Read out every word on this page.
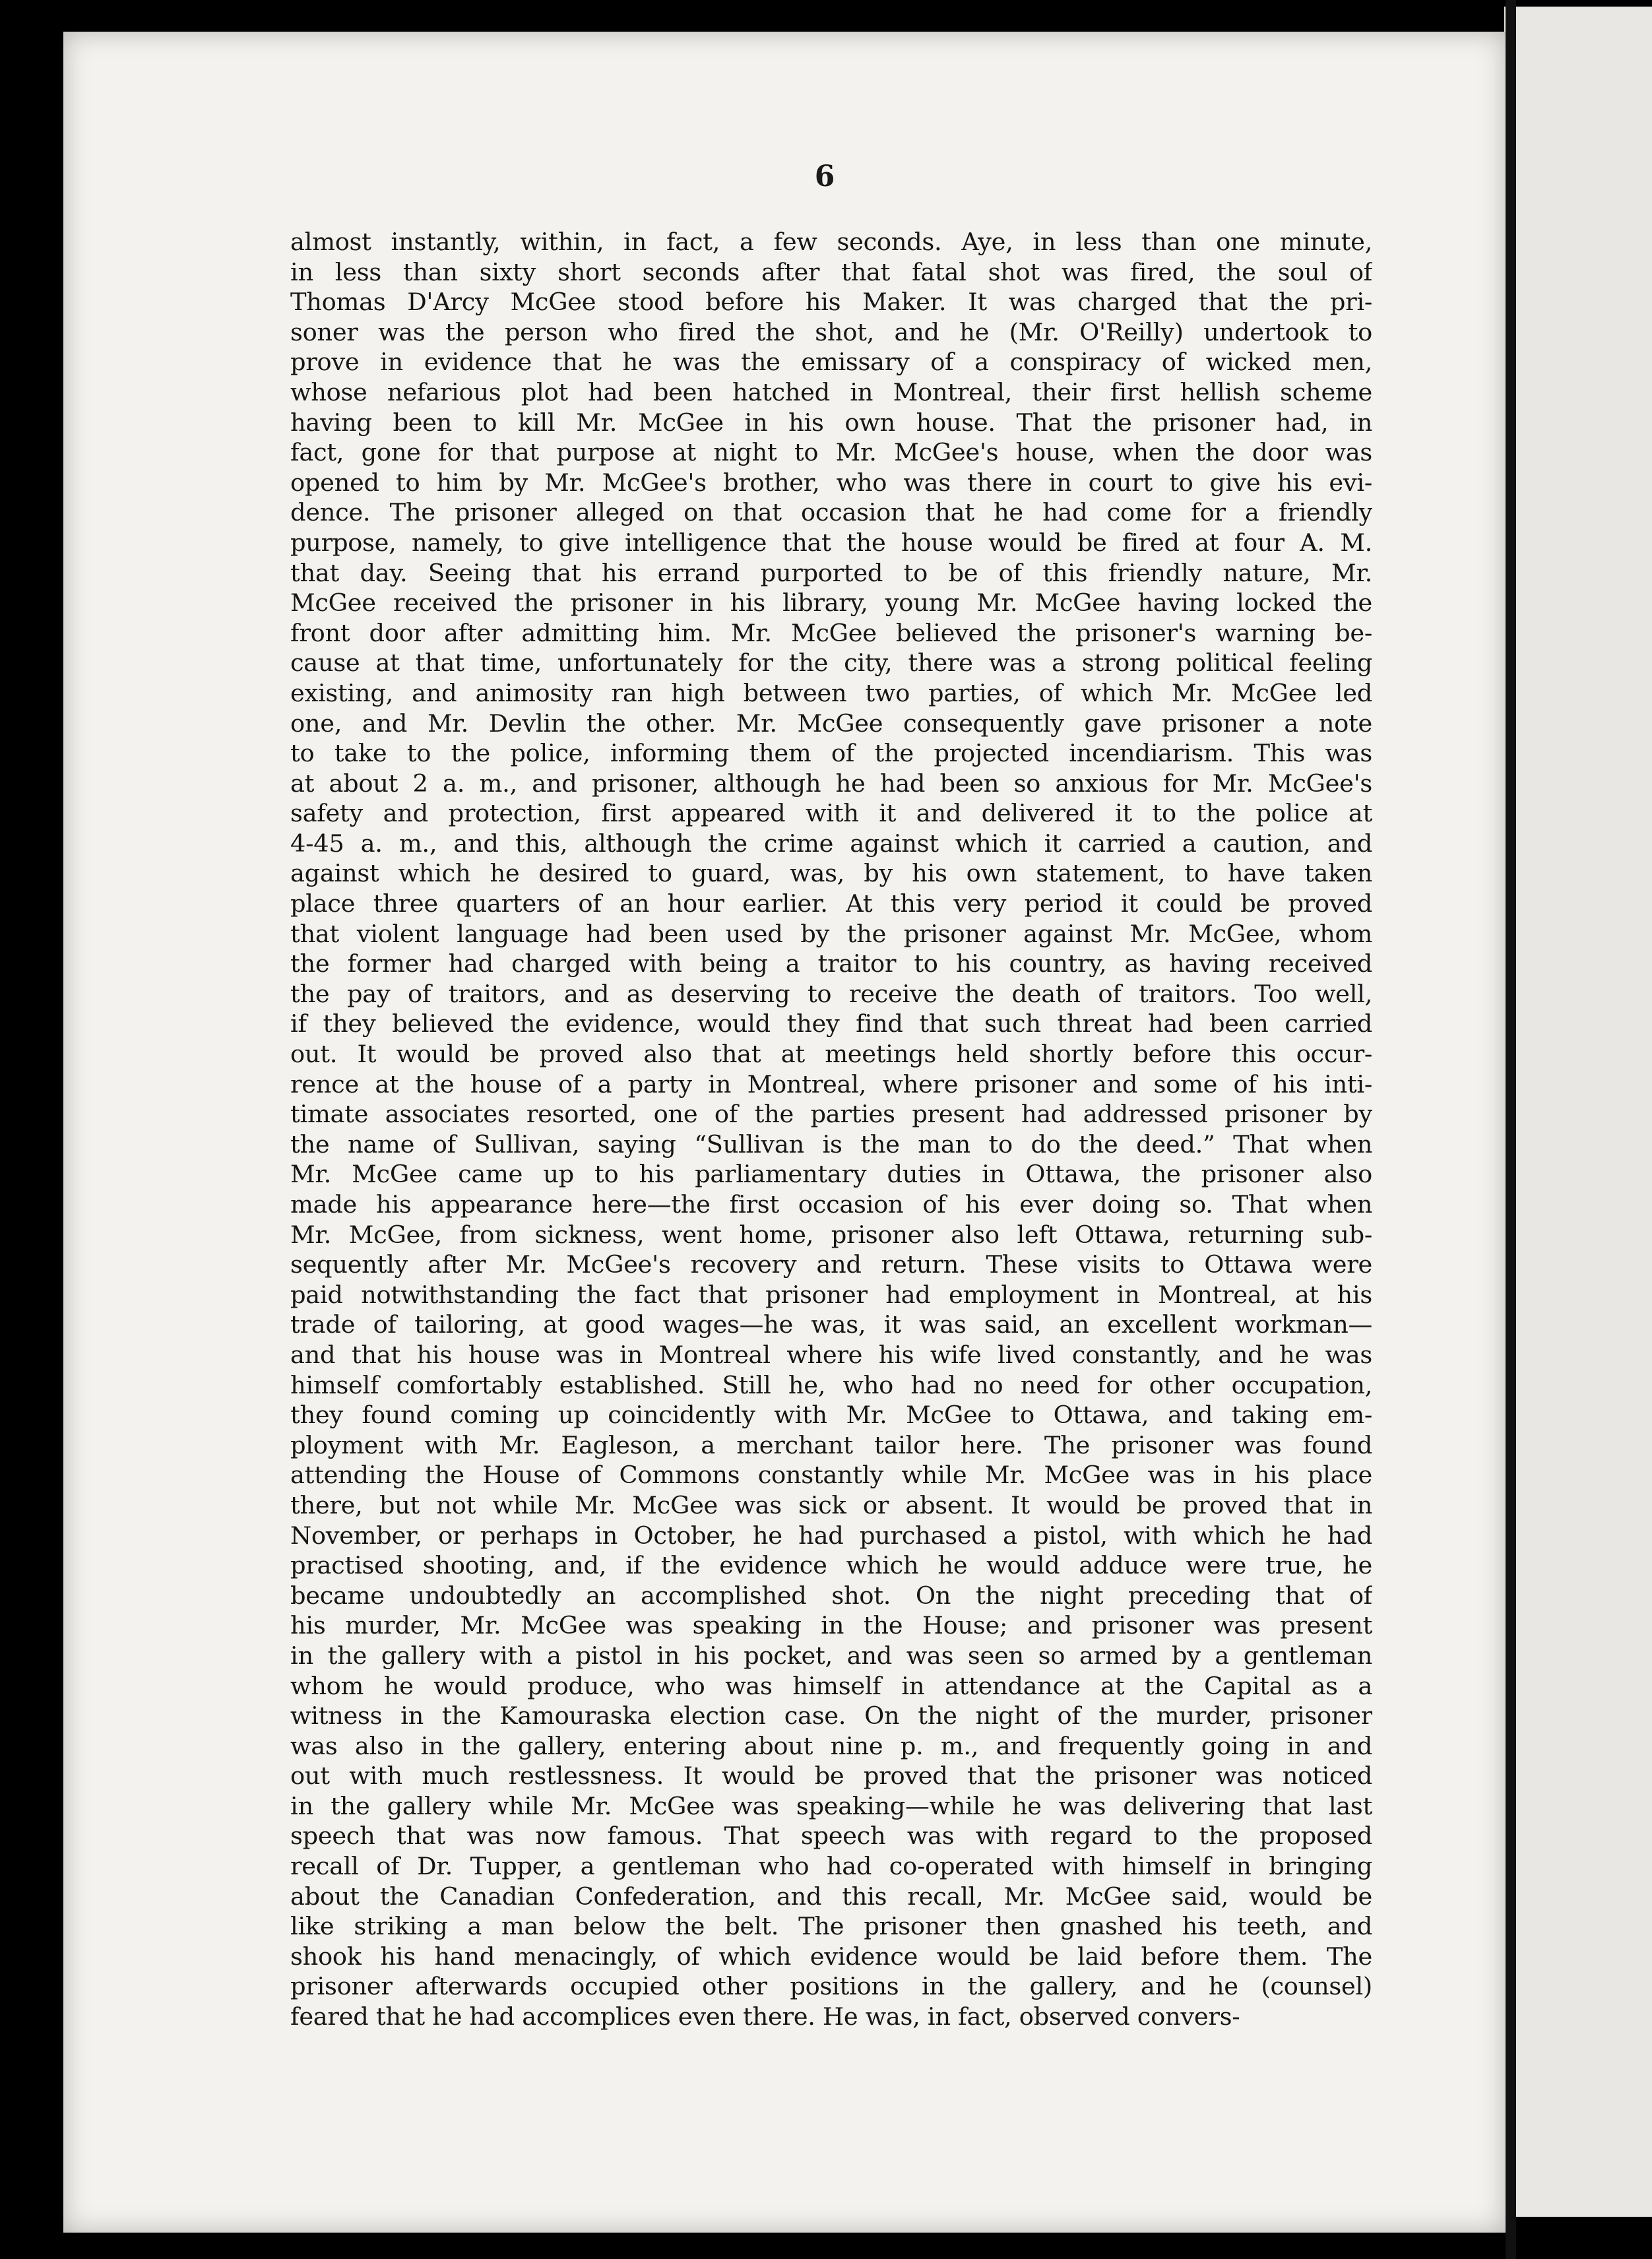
6
almost instantly, within, in fact, a few seconds. Aye, in less than one minute,
in less than sixty short seconds after that fatal shot was fired, the soul of
Thomas D'Arcy McGee stood before his Maker. It was charged that the pri-
soner was the person who fired the shot, and he (Mr. O'Reilly) undertook to
prove in evidence that he was the emissary of a conspiracy of wicked men,
whose nefarious plot had been hatched in Montreal, their first hellish scheme
having been to kill Mr. McGee in his own house. That the prisoner had, in
fact, gone for that purpose at night to Mr. McGee's house, when the door was
opened to him by Mr. McGee's brother, who was there in court to give his evi-
dence. The prisoner alleged on that occasion that he had come for a friendly
purpose, namely, to give intelligence that the house would be fired at four A. M.
that day. Seeing that his errand purported to be of this friendly nature, Mr.
McGee received the prisoner in his library, young Mr. McGee having locked the
front door after admitting him. Mr. McGee believed the prisoner's warning be-
cause at that time, unfortunately for the city, there was a strong political feeling
existing, and animosity ran high between two parties, of which Mr. McGee led
one, and Mr. Devlin the other. Mr. McGee consequently gave prisoner a note
to take to the police, informing them of the projected incendiarism. This was
at about 2 a. m., and prisoner, although he had been so anxious for Mr. McGee's
safety and protection, first appeared with it and delivered it to the police at
4-45 a. m., and this, although the crime against which it carried a caution, and
against which he desired to guard, was, by his own statement, to have taken
place three quarters of an hour earlier. At this very period it could be proved
that violent language had been used by the prisoner against Mr. McGee, whom
the former had charged with being a traitor to his country, as having received
the pay of traitors, and as deserving to receive the death of traitors. Too well,
if they believed the evidence, would they find that such threat had been carried
out. It would be proved also that at meetings held shortly before this occur-
rence at the house of a party in Montreal, where prisoner and some of his inti-
timate associates resorted, one of the parties present had addressed prisoner by
the name of Sullivan, saying “Sullivan is the man to do the deed.” That when
Mr. McGee came up to his parliamentary duties in Ottawa, the prisoner also
made his appearance here—the first occasion of his ever doing so. That when
Mr. McGee, from sickness, went home, prisoner also left Ottawa, returning sub-
sequently after Mr. McGee's recovery and return. These visits to Ottawa were
paid notwithstanding the fact that prisoner had employment in Montreal, at his
trade of tailoring, at good wages—he was, it was said, an excellent workman—
and that his house was in Montreal where his wife lived constantly, and he was
himself comfortably established. Still he, who had no need for other occupation,
they found coming up coincidently with Mr. McGee to Ottawa, and taking em-
ployment with Mr. Eagleson, a merchant tailor here. The prisoner was found
attending the House of Commons constantly while Mr. McGee was in his place
there, but not while Mr. McGee was sick or absent. It would be proved that in
November, or perhaps in October, he had purchased a pistol, with which he had
practised shooting, and, if the evidence which he would adduce were true, he
became undoubtedly an accomplished shot. On the night preceding that of
his murder, Mr. McGee was speaking in the House; and prisoner was present
in the gallery with a pistol in his pocket, and was seen so armed by a gentleman
whom he would produce, who was himself in attendance at the Capital as a
witness in the Kamouraska election case. On the night of the murder, prisoner
was also in the gallery, entering about nine p. m., and frequently going in and
out with much restlessness. It would be proved that the prisoner was noticed
in the gallery while Mr. McGee was speaking—while he was delivering that last
speech that was now famous. That speech was with regard to the proposed
recall of Dr. Tupper, a gentleman who had co-operated with himself in bringing
about the Canadian Confederation, and this recall, Mr. McGee said, would be
like striking a man below the belt. The prisoner then gnashed his teeth, and
shook his hand menacingly, of which evidence would be laid before them. The
prisoner afterwards occupied other positions in the gallery, and he (counsel)
feared that he had accomplices even there. He was, in fact, observed convers-
